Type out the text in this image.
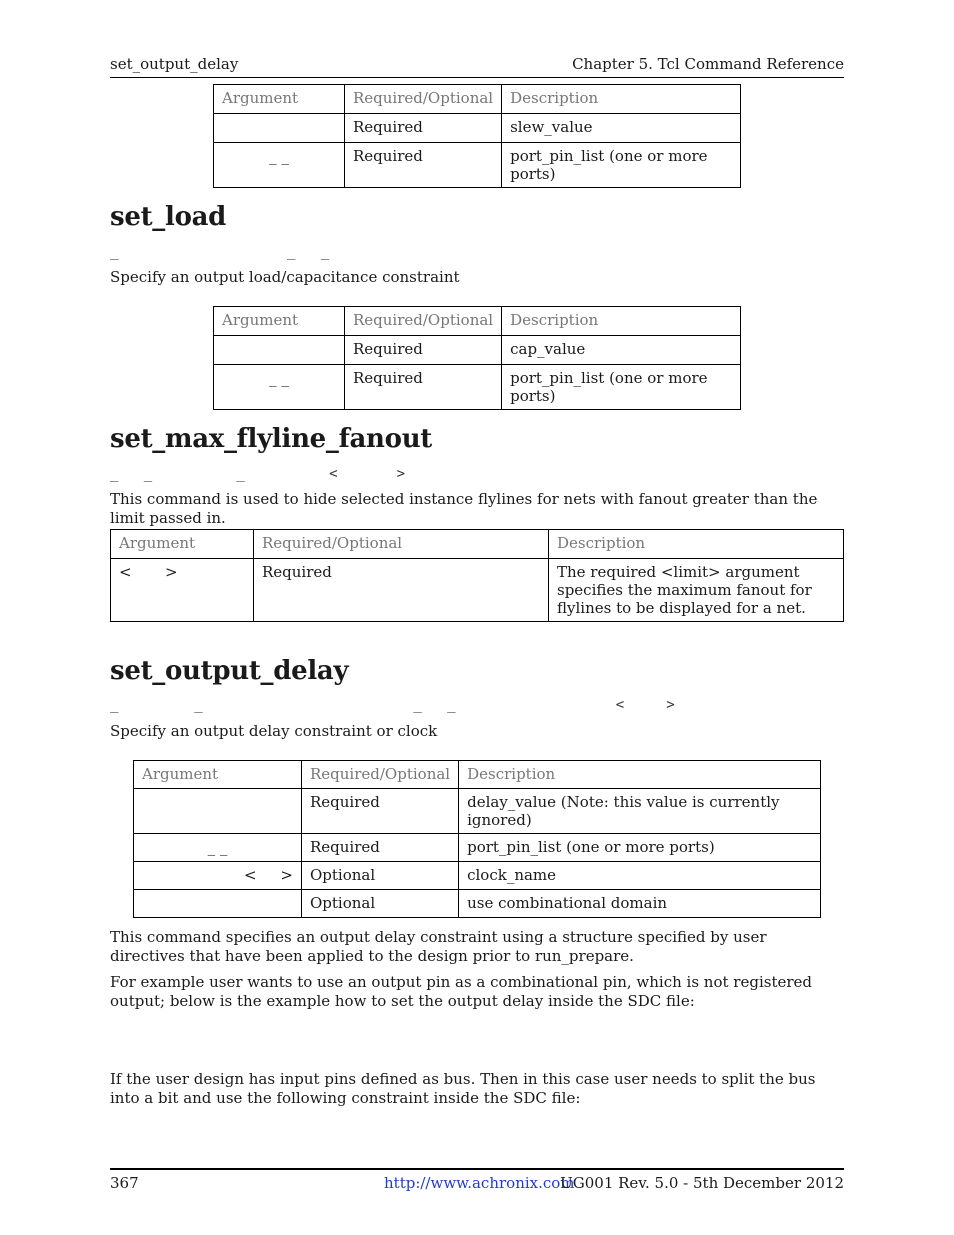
set_output_delay	Chapter 5. Tcl Command Reference
Argument	Required/Optional	Description
	Required	slew_value
_ _	Required	port_pin_list (one or more ports)
set_load
_                    _   _

Specify an output load/capacitance constraint

Argument	Required/Optional	Description
	Required	cap_value
_ _	Required	port_pin_list (one or more ports)
set_max_flyline_fanout
_   _          _          <       >

This command is used to hide selected instance flylines for nets with fanout greater than the limit passed in.

Argument	Required/Optional	Description
<       >	Required	The required <limit> argument specifies the maximum fanout for flylines to be displayed for a net.
set_output_delay
_         _                         _   _                   <     >

Specify an output delay constraint or clock

Argument	Required/Optional	Description
	Required	delay_value (Note: this value is currently ignored)
_ _	Required	port_pin_list (one or more ports)
<     >	Optional	clock_name
	Optional	use combinational domain

This command specifies an output delay constraint using a structure specified by user directives that have been applied to the design prior to run_prepare.

For example user wants to use an output pin as a combinational pin, which is not registered output; below is the example how to set the output delay inside the SDC file:

If the user design has input pins defined as bus. Then in this case user needs to split the bus into a bit and use the following constraint inside the SDC file:

367	http://www.achronix.com
UG001 Rev. 5.0 - 5th December 2012
